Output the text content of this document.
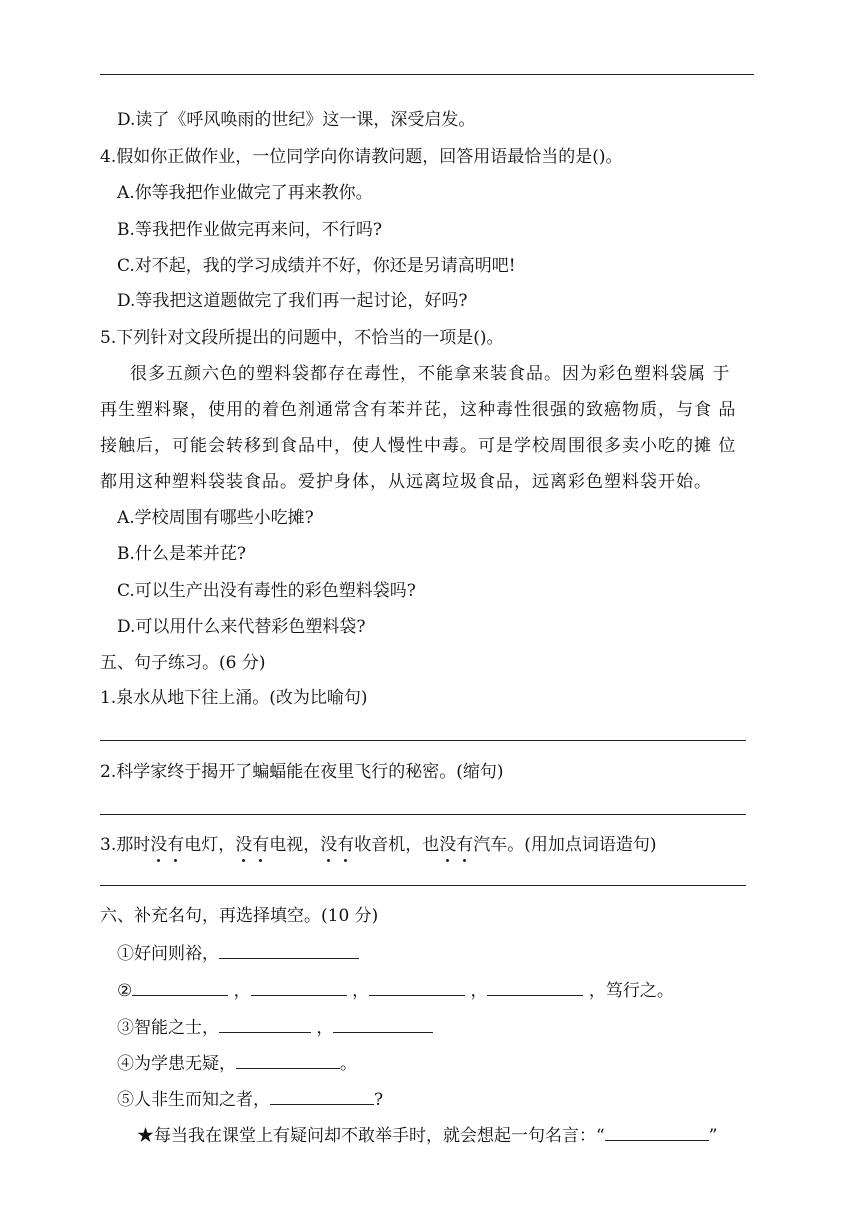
D.读了《呼风唤雨的世纪》这一课，深受启发。
4.假如你正做作业，一位同学向你请教问题，回答用语最恰当的是()。
A.你等我把作业做完了再来教你。
B.等我把作业做完再来问，不行吗?
C.对不起，我的学习成绩并不好，你还是另请高明吧!
D.等我把这道题做完了我们再一起讨论，好吗?
5.下列针对文段所提出的问题中，不恰当的一项是()。
很多五颜六色的塑料袋都存在毒性，不能拿来装食品。因为彩色塑料袋属 于
再生塑料聚，使用的着色剂通常含有苯并芘，这种毒性很强的致癌物质，与食 品
接触后，可能会转移到食品中，使人慢性中毒。可是学校周围很多卖小吃的摊 位
都用这种塑料袋装食品。爱护身体，从远离垃圾食品，远离彩色塑料袋开始。
A.学校周围有哪些小吃摊?
B.什么是苯并芘?
C.可以生产出没有毒性的彩色塑料袋吗?
D.可以用什么来代替彩色塑料袋?
五、句子练习。(6 分)
1.泉水从地下往上涌。(改为比喻句)
2.科学家终于揭开了蝙蝠能在夜里飞行的秘密。(缩句)
3.那时没有电灯，没有电视，没有收音机，也没有汽车。(用加点词语造句)
六、补充名句，再选择填空。(10 分)
①好问则裕，
②	，	，	，	，笃行之。
③智能之士，	，
④为学患无疑，	。
⑤人非生而知之者，	?
★每当我在课堂上有疑问却不敢举手时，就会想起一句名言：“	”
